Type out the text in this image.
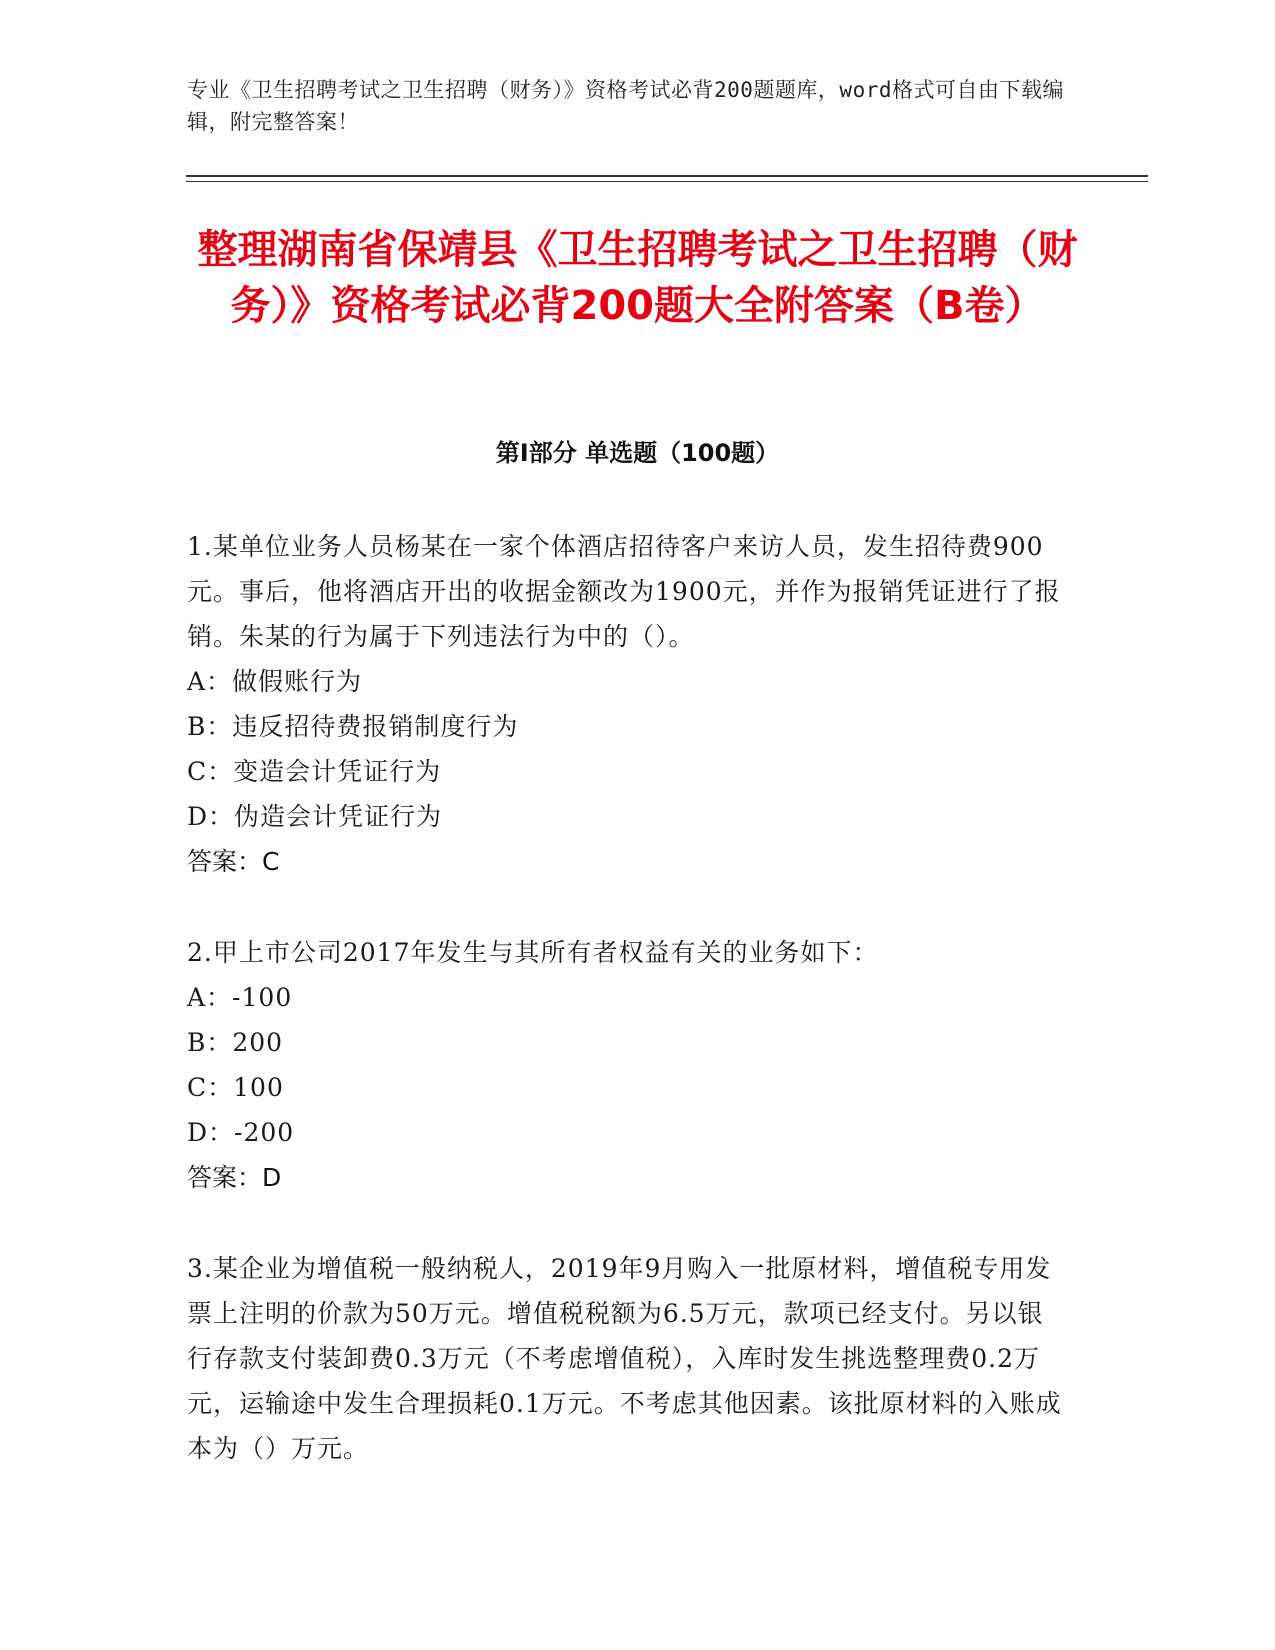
专业《卫生招聘考试之卫生招聘（财务）》资格考试必背200题题库，word格式可自由下载编辑，附完整答案！
整理湖南省保靖县《卫生招聘考试之卫生招聘（财务）》资格考试必背200题大全附答案（B卷）
第I部分 单选题（100题）

1.某单位业务人员杨某在一家个体酒店招待客户来访人员，发生招待费900元。事后，他将酒店开出的收据金额改为1900元，并作为报销凭证进行了报销。朱某的行为属于下列违法行为中的（）。

A：做假账行为

B：违反招待费报销制度行为

C：变造会计凭证行为

D：伪造会计凭证行为

答案：C

2.甲上市公司2017年发生与其所有者权益有关的业务如下：

A：-100

B：200

C：100

D：-200

答案：D

3.某企业为增值税一般纳税人，2019年9月购入一批原材料，增值税专用发票上注明的价款为50万元。增值税税额为6.5万元，款项已经支付。另以银行存款支付装卸费0.3万元（不考虑增值税），入库时发生挑选整理费0.2万元，运输途中发生合理损耗0.1万元。不考虑其他因素。该批原材料的入账成本为（）万元。
